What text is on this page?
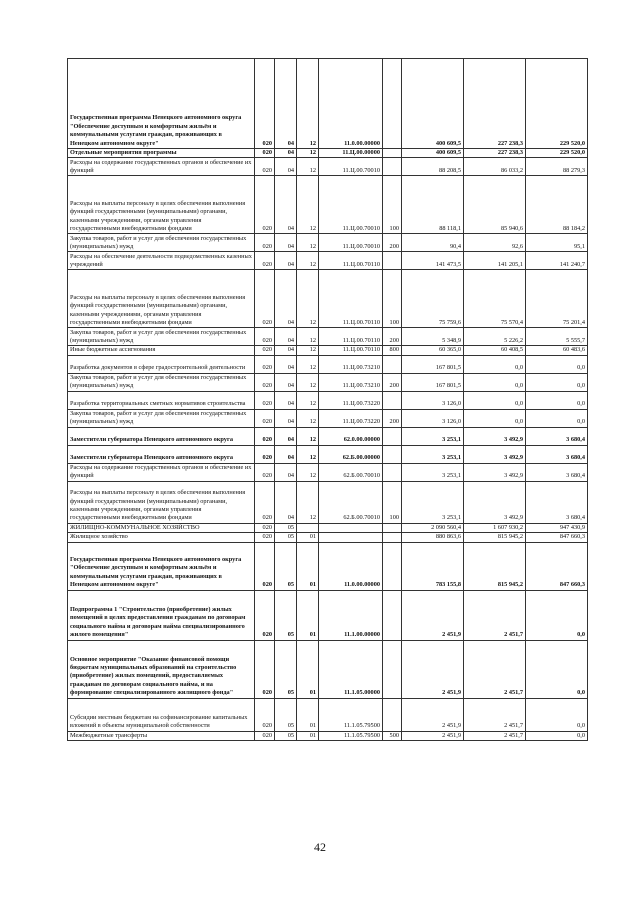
Государственная программа Ненецкого автономного округа "Обеспечение доступным и комфортным жильём и коммунальными услугами граждан, проживающих в Ненецком автономном округе"	020	04	12	11.0.00.00000		400 609,5	227 238,3	229 520,0
Отдельные мероприятия программы	020	04	12	11.Ц.00.00000		400 609,5	227 238,3	229 520,0
Расходы на содержание государственных органов и обеспечение их функций	020	04	12	11.Ц.00.70010		88 208,5	86 033,2	88 279,3
Расходы на выплаты персоналу в целях обеспечения выполнения функций государственными (муниципальными) органами, казенными учреждениями, органами управления государственными внебюджетными фондами	020	04	12	11.Ц.00.70010	100	88 118,1	85 940,6	88 184,2
Закупка товаров, работ и услуг для обеспечения государственных (муниципальных) нужд	020	04	12	11.Ц.00.70010	200	90,4	92,6	95,1
Расходы на обеспечение деятельности подведомственных казенных учреждений	020	04	12	11.Ц.00.70110		141 473,5	141 205,1	141 240,7
Расходы на выплаты персоналу в целях обеспечения выполнения функций государственными (муниципальными) органами, казенными учреждениями, органами управления государственными внебюджетными фондами	020	04	12	11.Ц.00.70110	100	75 759,6	75 570,4	75 201,4
Закупка товаров, работ и услуг для обеспечения государственных (муниципальных) нужд	020	04	12	11.Ц.00.70110	200	5 348,9	5 226,2	5 555,7
Иные бюджетные ассигнования	020	04	12	11.Ц.00.70110	800	60 365,0	60 408,5	60 483,6
Разработка документов в сфере градостроительной деятельности	020	04	12	11.Ц.00.73210		167 801,5	0,0	0,0
Закупка товаров, работ и услуг для обеспечения государственных (муниципальных) нужд	020	04	12	11.Ц.00.73210	200	167 801,5	0,0	0,0
Разработка территориальных сметных нормативов строительства	020	04	12	11.Ц.00.73220		3 126,0	0,0	0,0
Закупка товаров, работ и услуг для обеспечения государственных (муниципальных) нужд	020	04	12	11.Ц.00.73220	200	3 126,0	0,0	0,0
Заместители губернатора Ненецкого автономного округа	020	04	12	62.0.00.00000		3 253,1	3 492,9	3 680,4
Заместители губернатора Ненецкого автономного округа	020	04	12	62.Б.00.00000		3 253,1	3 492,9	3 680,4
Расходы на содержание государственных органов и обеспечение их функций	020	04	12	62.Б.00.70010		3 253,1	3 492,9	3 680,4
Расходы на выплаты персоналу в целях обеспечения выполнения функций государственными (муниципальными) органами, казенными учреждениями, органами управления государственными внебюджетными фондами	020	04	12	62.Б.00.70010	100	3 253,1	3 492,9	3 680,4
ЖИЛИЩНО-КОММУНАЛЬНОЕ ХОЗЯЙСТВО	020	05				2 090 560,4	1 607 930,2	947 430,9
Жилищное хозяйство	020	05	01			880 863,6	815 945,2	847 660,3
Государственная программа Ненецкого автономного округа "Обеспечение доступным и комфортным жильём и коммунальными услугами граждан, проживающих в Ненецком автономном округе"	020	05	01	11.0.00.00000		783 155,8	815 945,2	847 660,3
Подпрограмма 1 "Строительство (приобретение) жилых помещений в целях предоставления гражданам по договорам социального найма и договорам найма специализированного жилого помещения"	020	05	01	11.1.00.00000		2 451,9	2 451,7	0,0
Основное мероприятие "Оказание финансовой помощи бюджетам муниципальных образований на строительство (приобретение) жилых помещений, предоставляемых гражданам по договорам социального найма, и на формирование специализированного жилищного фонда"	020	05	01	11.1.05.00000		2 451,9	2 451,7	0,0
Субсидии местным бюджетам на софинансирование капитальных вложений в объекты муниципальной собственности	020	05	01	11.1.05.79500		2 451,9	2 451,7	0,0
Межбюджетные трансферты	020	05	01	11.1.05.79500	500	2 451,9	2 451,7	0,0
42
